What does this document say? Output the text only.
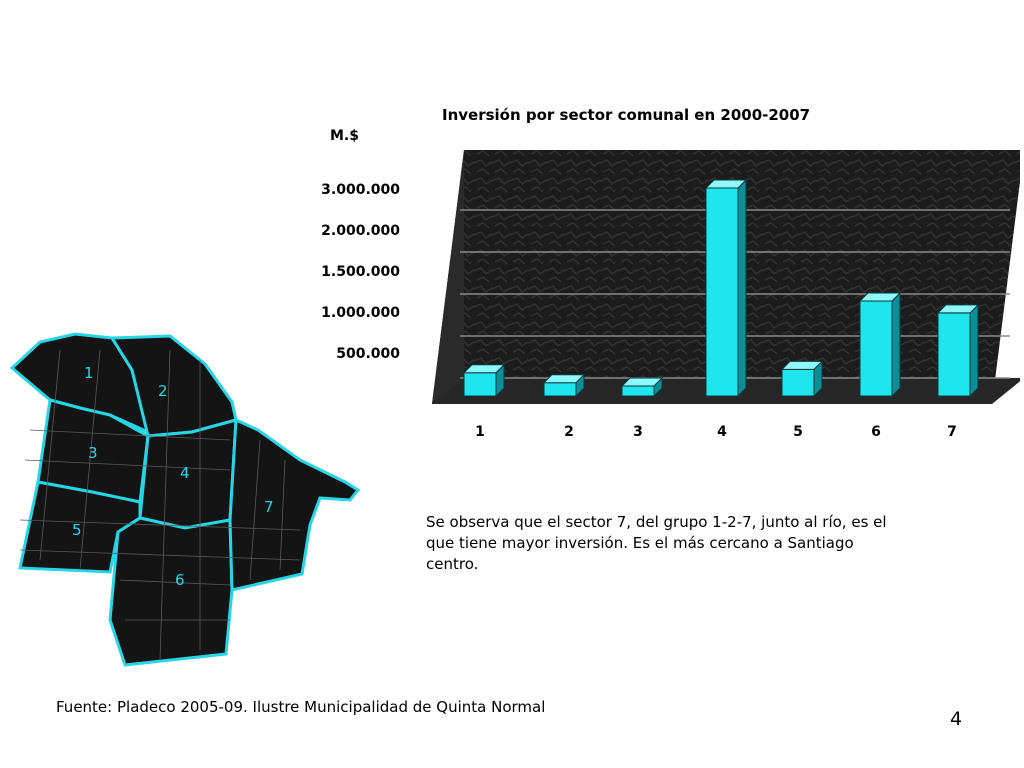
Inversión por sector comunal en 2000-2007
M.$
3.000.000
2.000.000
1.500.000
1.000.000
500.000
1	2	3	4	5	6	7
1
2
3
4
5
6
7
Se observa que el sector 7, del grupo 1-2-7, junto al río, es el que tiene mayor inversión. Es el más cercano a Santiago centro.
Fuente: Pladeco 2005-09. Ilustre Municipalidad de Quinta Normal
4
